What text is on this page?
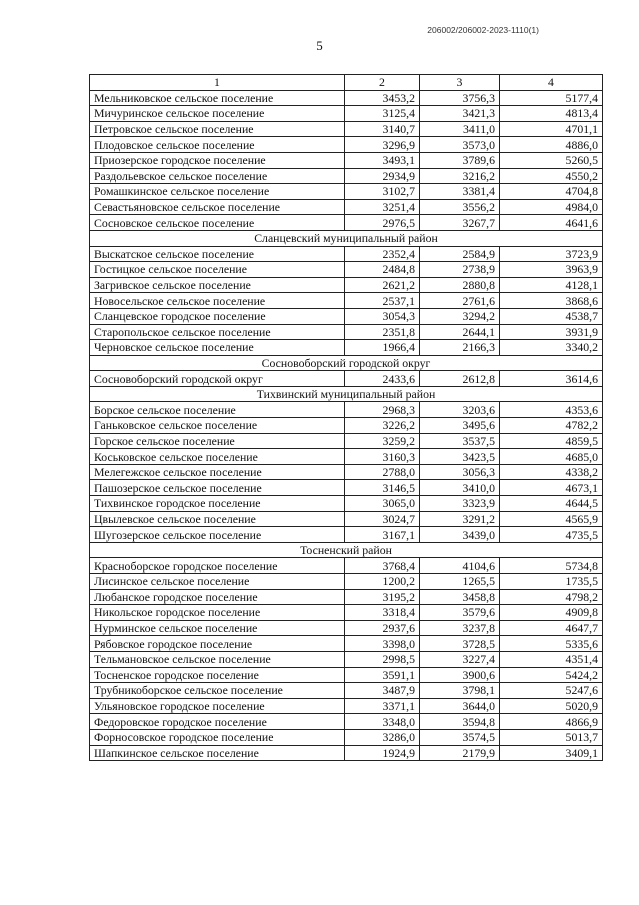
206002/206002-2023-1110(1)
5
1	2	3	4
Мельниковское сельское поселение	3453,2	3756,3	5177,4
Мичуринское сельское поселение	3125,4	3421,3	4813,4
Петровское сельское поселение	3140,7	3411,0	4701,1
Плодовское сельское поселение	3296,9	3573,0	4886,0
Приозерское городское поселение	3493,1	3789,6	5260,5
Раздольевское сельское поселение	2934,9	3216,2	4550,2
Ромашкинское сельское поселение	3102,7	3381,4	4704,8
Севастьяновское сельское поселение	3251,4	3556,2	4984,0
Сосновское сельское поселение	2976,5	3267,7	4641,6
Сланцевский муниципальный район			
Выскатское сельское поселение	2352,4	2584,9	3723,9
Гостицкое сельское поселение	2484,8	2738,9	3963,9
Загривское сельское поселение	2621,2	2880,8	4128,1
Новосельское сельское поселение	2537,1	2761,6	3868,6
Сланцевское городское поселение	3054,3	3294,2	4538,7
Старопольское сельское поселение	2351,8	2644,1	3931,9
Черновское сельское поселение	1966,4	2166,3	3340,2
Сосновоборский городской округ			
Сосновоборский городской округ	2433,6	2612,8	3614,6
Тихвинский муниципальный район			
Борское сельское поселение	2968,3	3203,6	4353,6
Ганьковское сельское поселение	3226,2	3495,6	4782,2
Горское сельское поселение	3259,2	3537,5	4859,5
Коськовское сельское поселение	3160,3	3423,5	4685,0
Мелегежское сельское поселение	2788,0	3056,3	4338,2
Пашозерское сельское поселение	3146,5	3410,0	4673,1
Тихвинское городское поселение	3065,0	3323,9	4644,5
Цвылевское сельское поселение	3024,7	3291,2	4565,9
Шугозерское сельское поселение	3167,1	3439,0	4735,5
Тосненский район			
Красноборское городское поселение	3768,4	4104,6	5734,8
Лисинское сельское поселение	1200,2	1265,5	1735,5
Любанское городское поселение	3195,2	3458,8	4798,2
Никольское городское поселение	3318,4	3579,6	4909,8
Нурминское сельское поселение	2937,6	3237,8	4647,7
Рябовское городское поселение	3398,0	3728,5	5335,6
Тельмановское сельское поселение	2998,5	3227,4	4351,4
Тосненское городское поселение	3591,1	3900,6	5424,2
Трубникоборское сельское поселение	3487,9	3798,1	5247,6
Ульяновское городское поселение	3371,1	3644,0	5020,9
Федоровское городское поселение	3348,0	3594,8	4866,9
Форносовское городское поселение	3286,0	3574,5	5013,7
Шапкинское сельское поселение	1924,9	2179,9	3409,1
